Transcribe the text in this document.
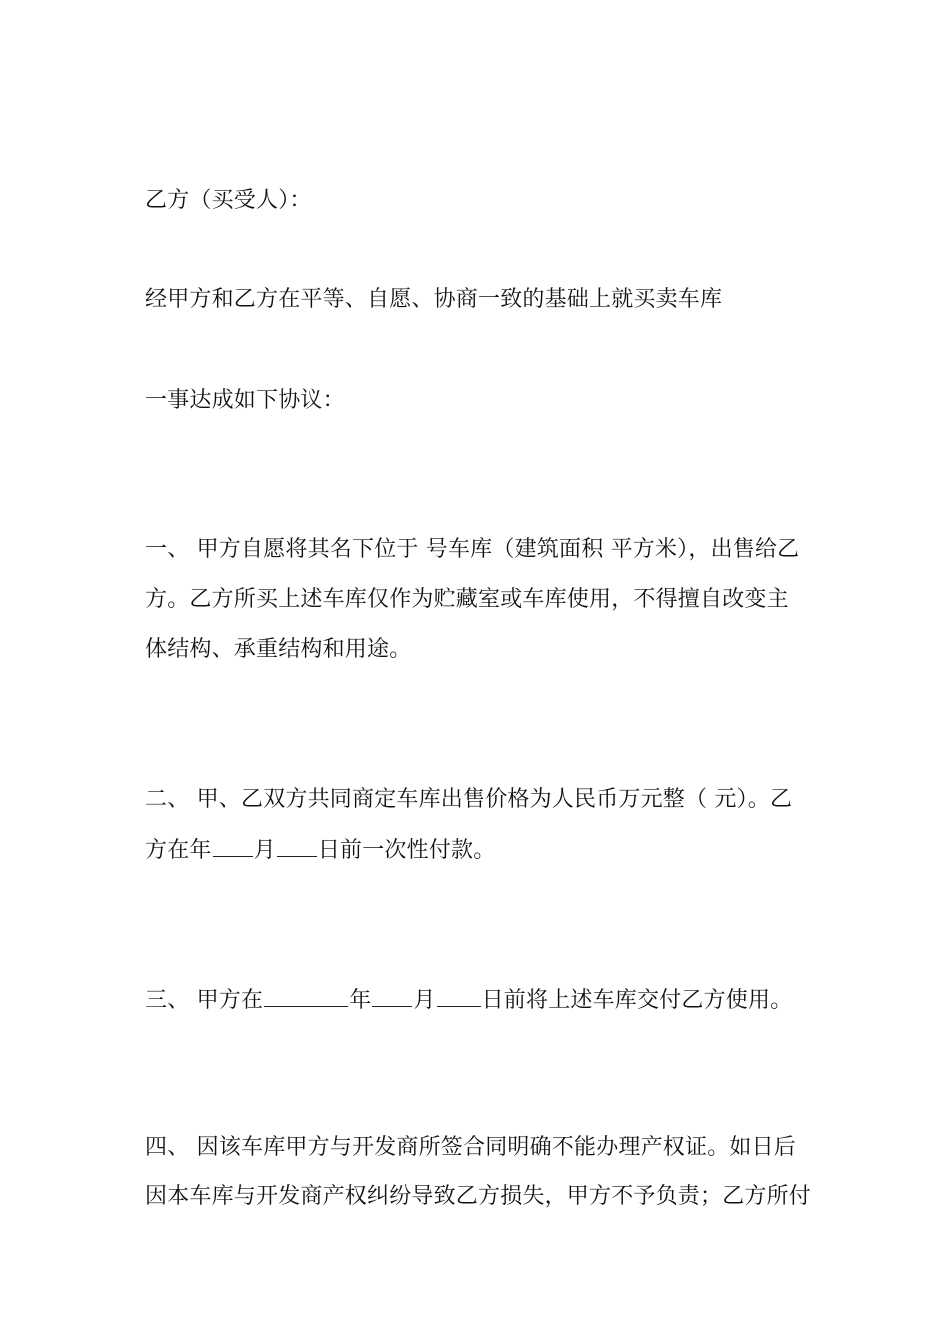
乙方（买受人）：
经甲方和乙方在平等、自愿、协商一致的基础上就买卖车库
一事达成如下协议：
一、 甲方自愿将其名下位于 号车库（建筑面积 平方米），出售给乙
方。乙方所买上述车库仅作为贮藏室或车库使用，不得擅自改变主
体结构、承重结构和用途。
二、 甲、乙双方共同商定车库出售价格为人民币万元整（ 元）。乙
方在年 月 日前一次性付款。
三、 甲方在	年 月 日前将上述车库交付乙方使用。
四、 因该车库甲方与开发商所签合同明确不能办理产权证。如日后
因本车库与开发商产权纠纷导致乙方损失，甲方不予负责；乙方所付
